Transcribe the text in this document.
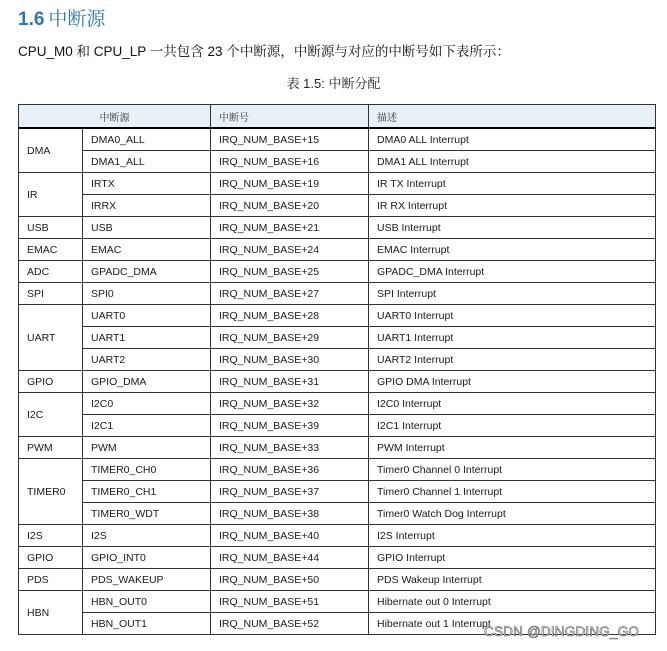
1.6 中断源
CPU_M0 和 CPU_LP 一共包含 23 个中断源，中断源与对应的中断号如下表所示：
表 1.5: 中断分配
中断源		中断号	描述
DMA	DMA0_ALL	IRQ_NUM_BASE+15	DMA0 ALL Interrupt
	DMA1_ALL	IRQ_NUM_BASE+16	DMA1 ALL Interrupt
IR	IRTX	IRQ_NUM_BASE+19	IR TX Interrupt
	IRRX	IRQ_NUM_BASE+20	IR RX Interrupt
USB	USB	IRQ_NUM_BASE+21	USB Interrupt
EMAC	EMAC	IRQ_NUM_BASE+24	EMAC Interrupt
ADC	GPADC_DMA	IRQ_NUM_BASE+25	GPADC_DMA Interrupt
SPI	SPI0	IRQ_NUM_BASE+27	SPI Interrupt
UART	UART0	IRQ_NUM_BASE+28	UART0 Interrupt
	UART1	IRQ_NUM_BASE+29	UART1 Interrupt
	UART2	IRQ_NUM_BASE+30	UART2 Interrupt
GPIO	GPIO_DMA	IRQ_NUM_BASE+31	GPIO DMA Interrupt
I2C	I2C0	IRQ_NUM_BASE+32	I2C0 Interrupt
	I2C1	IRQ_NUM_BASE+39	I2C1 Interrupt
PWM	PWM	IRQ_NUM_BASE+33	PWM Interrupt
TIMER0	TIMER0_CH0	IRQ_NUM_BASE+36	Timer0 Channel 0 Interrupt
	TIMER0_CH1	IRQ_NUM_BASE+37	Timer0 Channel 1 Interrupt
	TIMER0_WDT	IRQ_NUM_BASE+38	Timer0 Watch Dog Interrupt
I2S	I2S	IRQ_NUM_BASE+40	I2S Interrupt
GPIO	GPIO_INT0	IRQ_NUM_BASE+44	GPIO Interrupt
PDS	PDS_WAKEUP	IRQ_NUM_BASE+50	PDS Wakeup Interrupt
HBN	HBN_OUT0	IRQ_NUM_BASE+51	Hibernate out 0 Interrupt
	HBN_OUT1	IRQ_NUM_BASE+52	Hibernate out 1 Interrupt
CSDN @DINGDING_GO
